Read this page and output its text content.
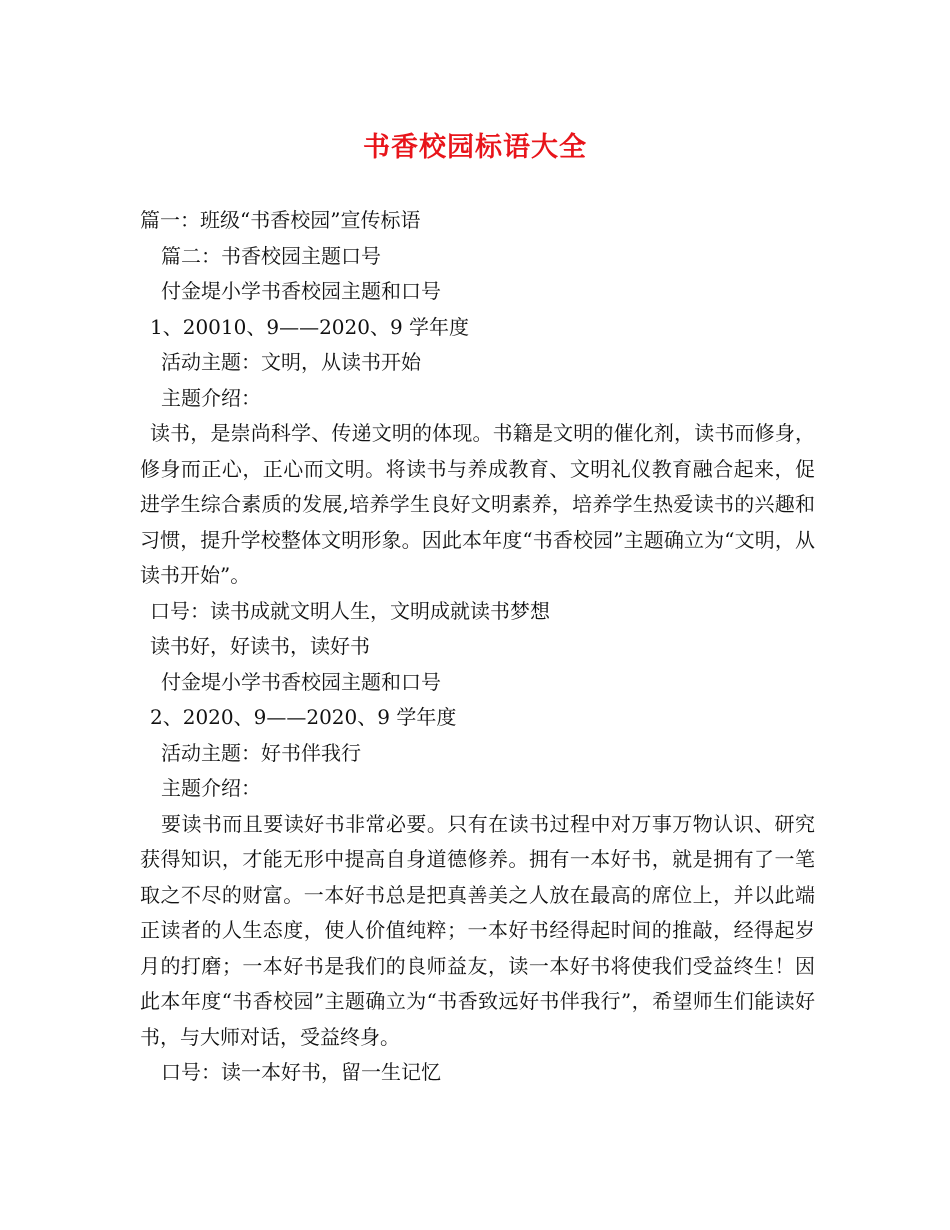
书香校园标语大全

篇一：班级“书香校园”宣传标语

篇二：书香校园主题口号

付金堤小学书香校园主题和口号

1、20010、9——2020、9 学年度

活动主题：文明，从读书开始

主题介绍：

读书，是崇尚科学、传递文明的体现。书籍是文明的催化剂，读书而修身，修身而正心，正心而文明。将读书与养成教育、文明礼仪教育融合起来，促进学生综合素质的发展,培养学生良好文明素养，培养学生热爱读书的兴趣和习惯，提升学校整体文明形象。因此本年度“书香校园”主题确立为“文明，从读书开始”。

口号：读书成就文明人生，文明成就读书梦想

读书好，好读书，读好书

付金堤小学书香校园主题和口号

2、2020、9——2020、9 学年度

活动主题：好书伴我行

主题介绍：

要读书而且要读好书非常必要。只有在读书过程中对万事万物认识、研究获得知识，才能无形中提高自身道德修养。拥有一本好书，就是拥有了一笔取之不尽的财富。一本好书总是把真善美之人放在最高的席位上，并以此端正读者的人生态度，使人价值纯粹；一本好书经得起时间的推敲，经得起岁月的打磨；一本好书是我们的良师益友，读一本好书将使我们受益终生！因此本年度“书香校园”主题确立为“书香致远好书伴我行”，希望师生们能读好书，与大师对话，受益终身。

口号：读一本好书，留一生记忆
